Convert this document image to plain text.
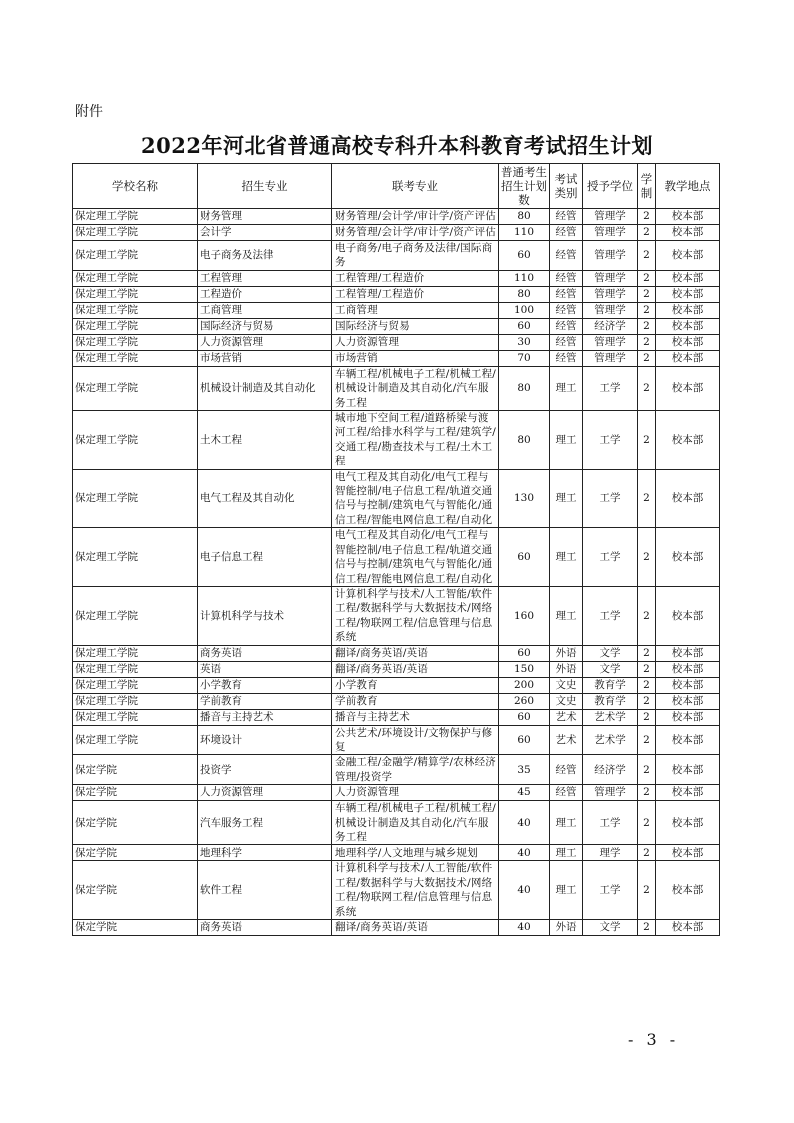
附件
2022年河北省普通高校专科升本科教育考试招生计划
学校名称	招生专业	联考专业	普通考生招生计划数	考试类别	授予学位	学制	教学地点
保定理工学院	财务管理	财务管理/会计学/审计学/资产评估	80	经管	管理学	2	校本部
保定理工学院	会计学	财务管理/会计学/审计学/资产评估	110	经管	管理学	2	校本部
保定理工学院	电子商务及法律	电子商务/电子商务及法律/国际商务	60	经管	管理学	2	校本部
保定理工学院	工程管理	工程管理/工程造价	110	经管	管理学	2	校本部
保定理工学院	工程造价	工程管理/工程造价	80	经管	管理学	2	校本部
保定理工学院	工商管理	工商管理	100	经管	管理学	2	校本部
保定理工学院	国际经济与贸易	国际经济与贸易	60	经管	经济学	2	校本部
保定理工学院	人力资源管理	人力资源管理	30	经管	管理学	2	校本部
保定理工学院	市场营销	市场营销	70	经管	管理学	2	校本部
保定理工学院	机械设计制造及其自动化	车辆工程/机械电子工程/机械工程/机械设计制造及其自动化/汽车服务工程	80	理工	工学	2	校本部
保定理工学院	土木工程	城市地下空间工程/道路桥梁与渡河工程/给排水科学与工程/建筑学/交通工程/勘查技术与工程/土木工程	80	理工	工学	2	校本部
保定理工学院	电气工程及其自动化	电气工程及其自动化/电气工程与智能控制/电子信息工程/轨道交通信号与控制/建筑电气与智能化/通信工程/智能电网信息工程/自动化	130	理工	工学	2	校本部
保定理工学院	电子信息工程	电气工程及其自动化/电气工程与智能控制/电子信息工程/轨道交通信号与控制/建筑电气与智能化/通信工程/智能电网信息工程/自动化	60	理工	工学	2	校本部
保定理工学院	计算机科学与技术	计算机科学与技术/人工智能/软件工程/数据科学与大数据技术/网络工程/物联网工程/信息管理与信息系统	160	理工	工学	2	校本部
保定理工学院	商务英语	翻译/商务英语/英语	60	外语	文学	2	校本部
保定理工学院	英语	翻译/商务英语/英语	150	外语	文学	2	校本部
保定理工学院	小学教育	小学教育	200	文史	教育学	2	校本部
保定理工学院	学前教育	学前教育	260	文史	教育学	2	校本部
保定理工学院	播音与主持艺术	播音与主持艺术	60	艺术	艺术学	2	校本部
保定理工学院	环境设计	公共艺术/环境设计/文物保护与修复	60	艺术	艺术学	2	校本部
保定学院	投资学	金融工程/金融学/精算学/农林经济管理/投资学	35	经管	经济学	2	校本部
保定学院	人力资源管理	人力资源管理	45	经管	管理学	2	校本部
保定学院	汽车服务工程	车辆工程/机械电子工程/机械工程/机械设计制造及其自动化/汽车服务工程	40	理工	工学	2	校本部
保定学院	地理科学	地理科学/人文地理与城乡规划	40	理工	理学	2	校本部
保定学院	软件工程	计算机科学与技术/人工智能/软件工程/数据科学与大数据技术/网络工程/物联网工程/信息管理与信息系统	40	理工	工学	2	校本部
保定学院	商务英语	翻译/商务英语/英语	40	外语	文学	2	校本部
- 3 -
